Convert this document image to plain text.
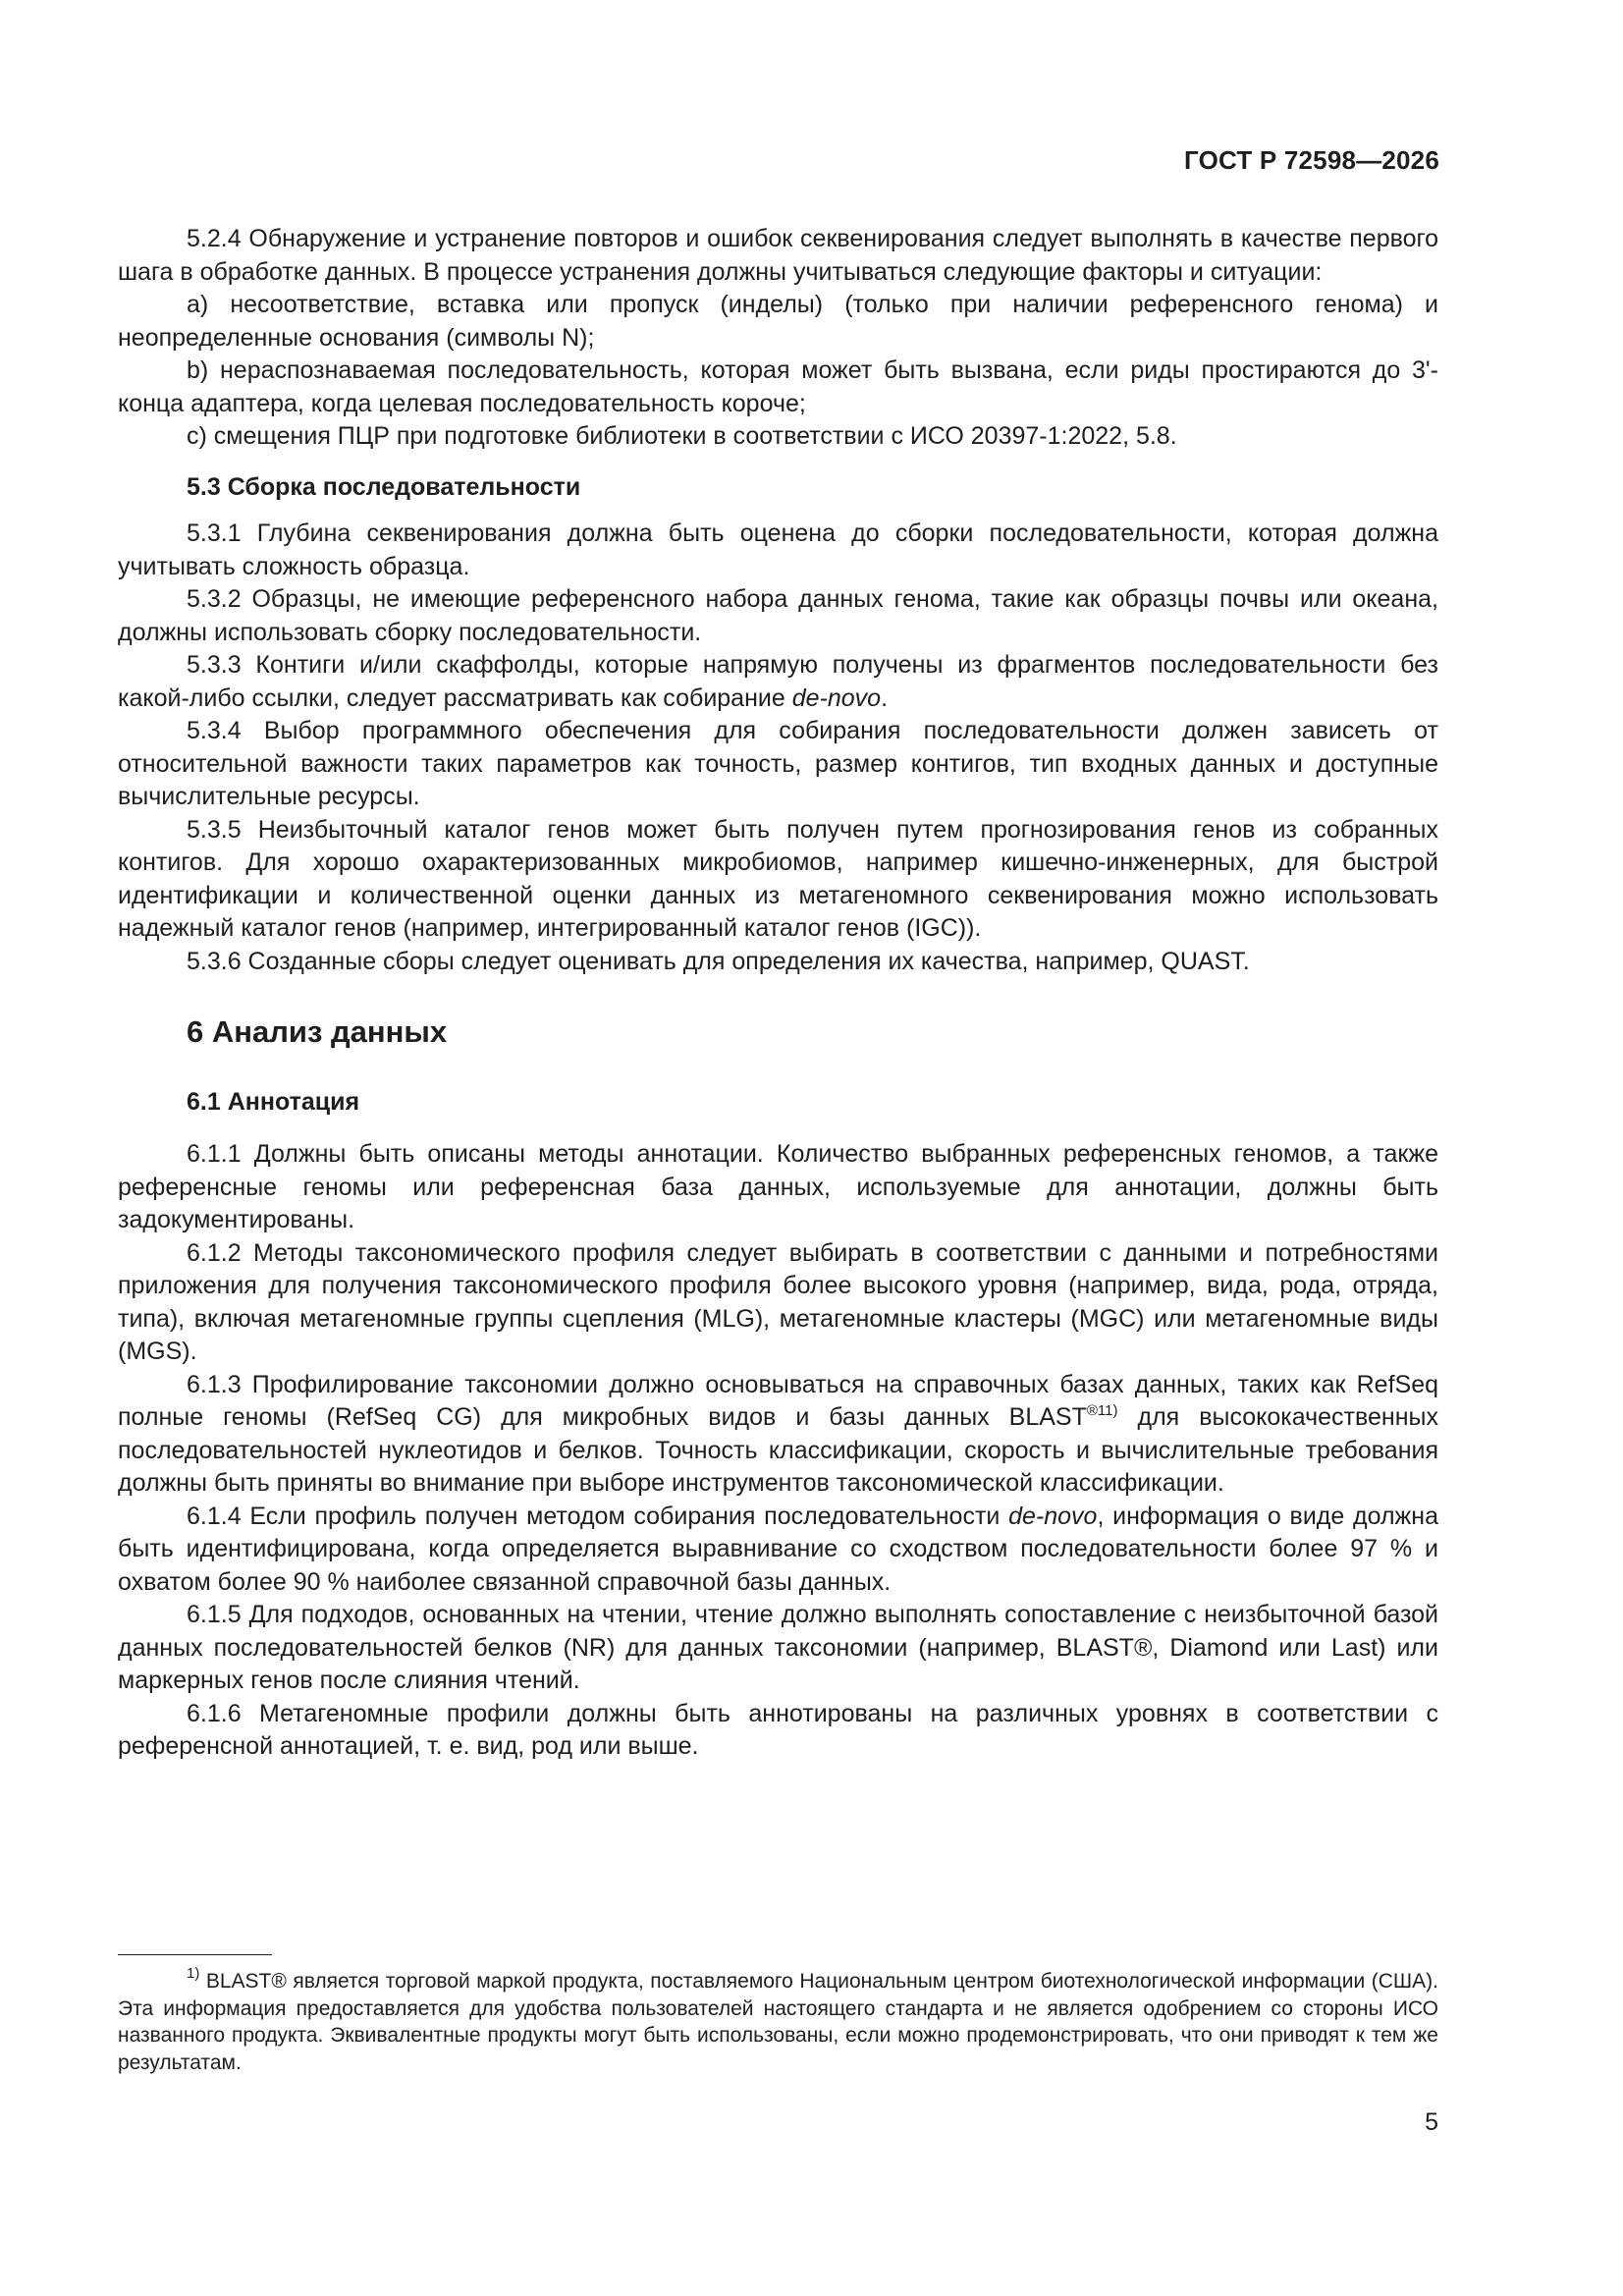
ГОСТ Р 72598—2026

5.2.4 Обнаружение и устранение повторов и ошибок секвенирования следует выполнять в качестве первого шага в обработке данных. В процессе устранения должны учитываться следующие факторы и ситуации:

a) несоответствие, вставка или пропуск (инделы) (только при наличии референсного генома) и неопределенные основания (символы N);

b) нераспознаваемая последовательность, которая может быть вызвана, если риды простираются до 3'-конца адаптера, когда целевая последовательность короче;

c) смещения ПЦР при подготовке библиотеки в соответствии с ИСО 20397-1:2022, 5.8.

5.3 Сборка последовательности

5.3.1 Глубина секвенирования должна быть оценена до сборки последовательности, которая должна учитывать сложность образца.

5.3.2 Образцы, не имеющие референсного набора данных генома, такие как образцы почвы или океана, должны использовать сборку последовательности.

5.3.3 Контиги и/или скаффолды, которые напрямую получены из фрагментов последовательности без какой-либо ссылки, следует рассматривать как собирание de-novo.

5.3.4 Выбор программного обеспечения для собирания последовательности должен зависеть от относительной важности таких параметров как точность, размер контигов, тип входных данных и доступные вычислительные ресурсы.

5.3.5 Неизбыточный каталог генов может быть получен путем прогнозирования генов из собранных контигов. Для хорошо охарактеризованных микробиомов, например кишечно-инженерных, для быстрой идентификации и количественной оценки данных из метагеномного секвенирования можно использовать надежный каталог генов (например, интегрированный каталог генов (IGC)).

5.3.6 Созданные сборы следует оценивать для определения их качества, например, QUAST.

6 Анализ данных
6.1 Аннотация

6.1.1 Должны быть описаны методы аннотации. Количество выбранных референсных геномов, а также референсные геномы или референсная база данных, используемые для аннотации, должны быть задокументированы.

6.1.2 Методы таксономического профиля следует выбирать в соответствии с данными и потребностями приложения для получения таксономического профиля более высокого уровня (например, вида, рода, отряда, типа), включая метагеномные группы сцепления (MLG), метагеномные кластеры (MGC) или метагеномные виды (MGS).

6.1.3 Профилирование таксономии должно основываться на справочных базах данных, таких как RefSeq полные геномы (RefSeq CG) для микробных видов и базы данных $BLAST^{®11)}$ для высококачественных последовательностей нуклеотидов и белков. Точность классификации, скорость и вычислительные требования должны быть приняты во внимание при выборе инструментов таксономической классификации.

6.1.4 Если профиль получен методом собирания последовательности de-novo, информация о виде должна быть идентифицирована, когда определяется выравнивание со сходством последовательности более 97 % и охватом более 90 % наиболее связанной справочной базы данных.

6.1.5 Для подходов, основанных на чтении, чтение должно выполнять сопоставление с неизбыточной базой данных последовательностей белков (NR) для данных таксономии (например, BLAST®, Diamond или Last) или маркерных генов после слияния чтений.

6.1.6 Метагеномные профили должны быть аннотированы на различных уровнях в соответствии с референсной аннотацией, т. е. вид, род или выше.

$^{1)}$ BLAST® является торговой маркой продукта, поставляемого Национальным центром биотехнологической информации (США). Эта информация предоставляется для удобства пользователей настоящего стандарта и не является одобрением со стороны ИСО названного продукта. Эквивалентные продукты могут быть использованы, если можно продемонстрировать, что они приводят к тем же результатам.

5
